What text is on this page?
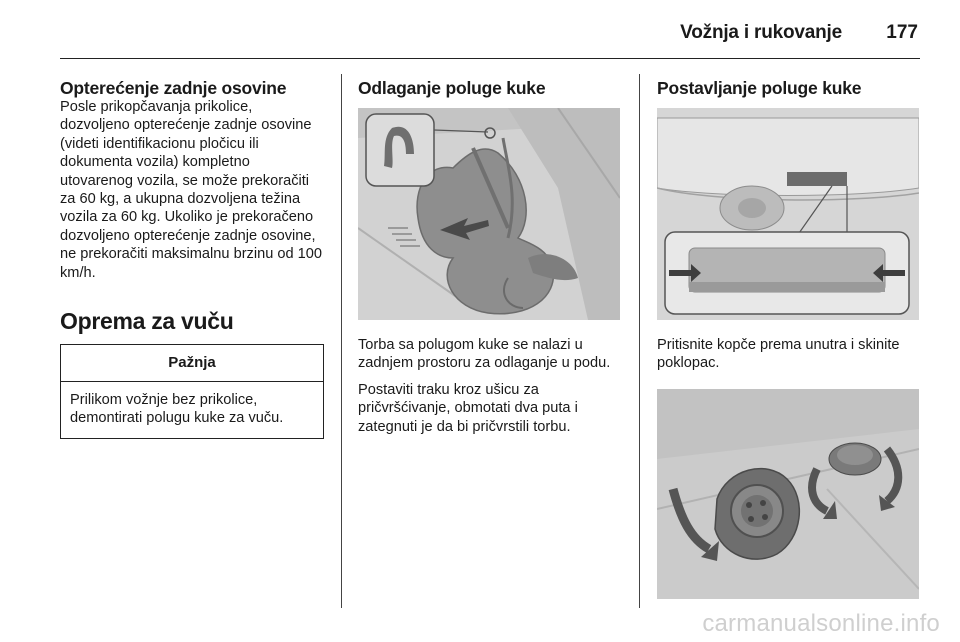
Vožnja i rukovanje 177
Opterećenje zadnje osovine

Posle prikopčavanja prikolice, dozvoljeno opterećenje zadnje osovine (videti identifikacionu pločicu ili dokumenta vozila) kompletno utovarenog vozila, se može prekoračiti za 60 kg, a ukupna dozvoljena težina vozila za 60 kg. Ukoliko je prekoračeno dozvoljeno opterećenje zadnje osovine, ne prekoračiti maksimalnu brzinu od 100 km/h.

Oprema za vuču
Pažnja
Prilikom vožnje bez prikolice, demontirati polugu kuke za vuču.
Odlaganje poluge kuke

Torba sa polugom kuke se nalazi u zadnjem prostoru za odlaganje u podu.

Postaviti traku kroz ušicu za pričvršćivanje, obmotati dva puta i zategnuti je da bi pričvrstili torbu.

Postavljanje poluge kuke

Pritisnite kopče prema unutra i skinite poklopac.

carmanualsonline.info
